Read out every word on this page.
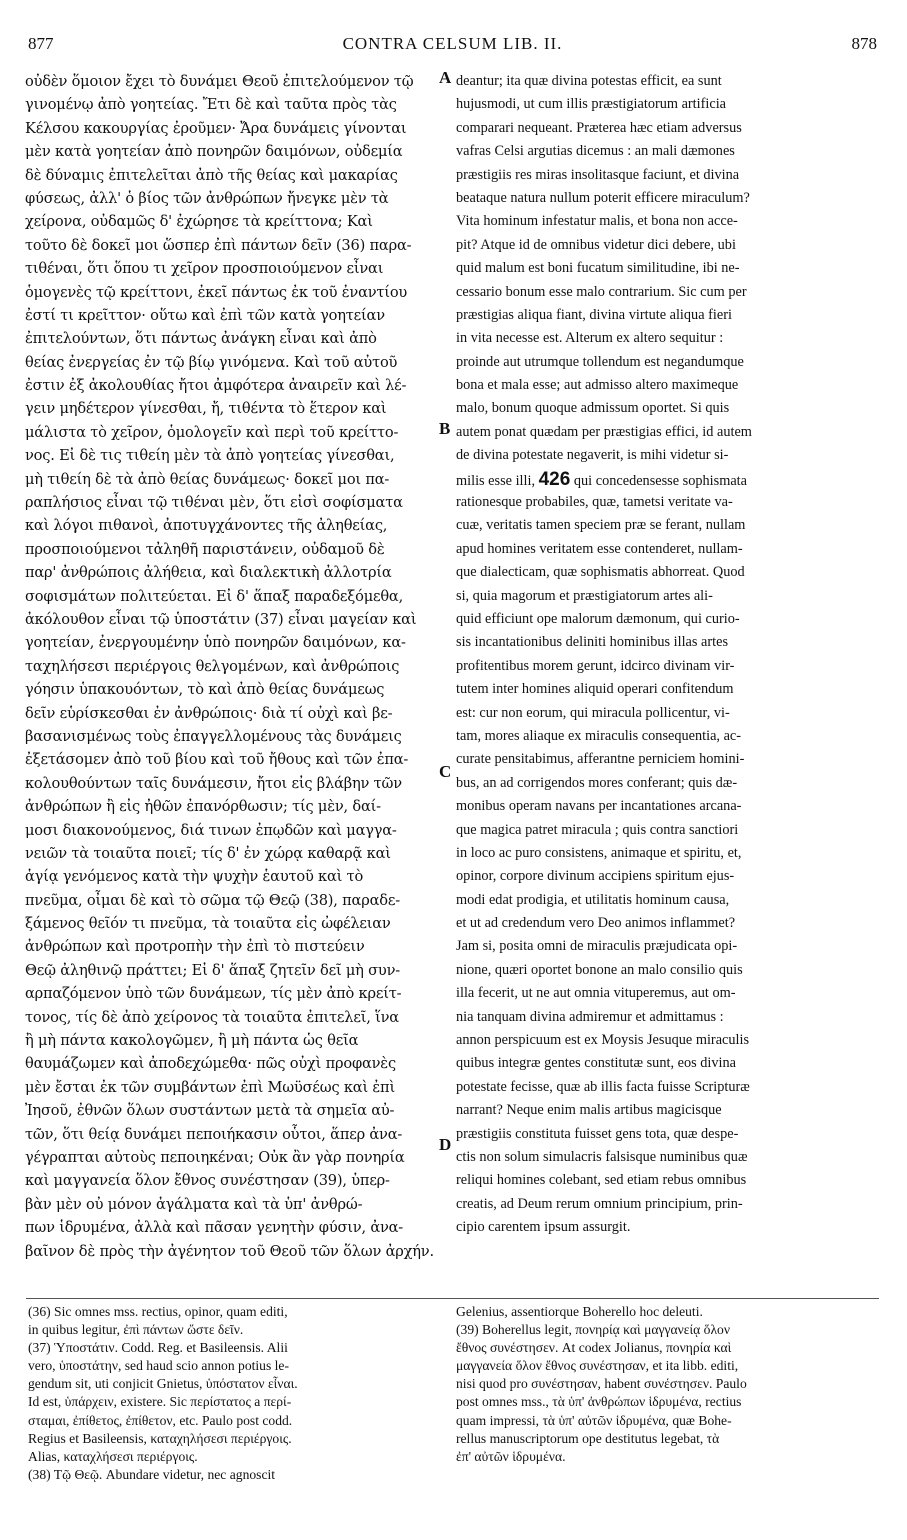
877	CONTRA CELSUM LIB. II.	878
οὐδὲν ὅμοιον ἔχει τὸ δυνάμει Θεοῦ ἐπιτελούμενον τῷ
γινομένῳ ἀπὸ γοητείας. Ἔτι δὲ καὶ ταῦτα πρὸς τὰς
Κέλσου κακουργίας ἐροῦμεν· Ἄρα δυνάμεις γίνονται
μὲν κατὰ γοητείαν ἀπὸ πονηρῶν δαιμόνων, οὐδεμία
δὲ δύναμις ἐπιτελεῖται ἀπὸ τῆς θείας καὶ μακαρίας
φύσεως, ἀλλ' ὁ βίος τῶν ἀνθρώπων ἤνεγκε μὲν τὰ
χείρονα, οὐδαμῶς δ' ἐχώρησε τὰ κρείττονα; Καὶ
τοῦτο δὲ δοκεῖ μοι ὥσπερ ἐπὶ πάντων δεῖν (36) παρα-
τιθέναι, ὅτι ὅπου τι χεῖρον προσποιούμενον εἶναι
ὁμογενὲς τῷ κρείττονι, ἐκεῖ πάντως ἐκ τοῦ ἐναντίου
ἐστί τι κρεῖττον· οὕτω καὶ ἐπὶ τῶν κατὰ γοητείαν
ἐπιτελούντων, ὅτι πάντως ἀνάγκη εἶναι καὶ ἀπὸ
θείας ἐνεργείας ἐν τῷ βίῳ γινόμενα. Καὶ τοῦ αὐτοῦ
ἐστιν ἐξ ἀκολουθίας ἤτοι ἀμφότερα ἀναιρεῖν καὶ λέ-
γειν μηδέτερον γίνεσθαι, ἤ, τιθέντα τὸ ἕτερον καὶ
μάλιστα τὸ χεῖρον, ὁμολογεῖν καὶ περὶ τοῦ κρείττο-
νος. Εἰ δὲ τις τιθείη μὲν τὰ ἀπὸ γοητείας γίνεσθαι,
μὴ τιθείη δὲ τὰ ἀπὸ θείας δυνάμεως· δοκεῖ μοι πα-
ραπλήσιος εἶναι τῷ τιθέναι μὲν, ὅτι εἰσὶ σοφίσματα
καὶ λόγοι πιθανοὶ, ἀποτυγχάνοντες τῆς ἀληθείας,
προσποιούμενοι τἀληθῆ παριστάνειν, οὐδαμοῦ δὲ
παρ' ἀνθρώποις ἀλήθεια, καὶ διαλεκτικὴ ἀλλοτρία
σοφισμάτων πολιτεύεται. Εἰ δ' ἅπαξ παραδεξόμεθα,
ἀκόλουθον εἶναι τῷ ὑποστάτιν (37) εἶναι μαγείαν καὶ
γοητείαν, ἐνεργουμένην ὑπὸ πονηρῶν δαιμόνων, κα-
ταχηλήσεσι περιέργοις θελγομένων, καὶ ἀνθρώποις
γόησιν ὑπακουόντων, τὸ καὶ ἀπὸ θείας δυνάμεως
δεῖν εὑρίσκεσθαι ἐν ἀνθρώποις· διὰ τί οὐχὶ καὶ βε-
βασανισμένως τοὺς ἐπαγγελλομένους τὰς δυνάμεις
ἐξετάσομεν ἀπὸ τοῦ βίου καὶ τοῦ ἤθους καὶ τῶν ἐπα-
κολουθούντων ταῖς δυνάμεσιν, ἤτοι εἰς βλάβην τῶν
ἀνθρώπων ἢ εἰς ἠθῶν ἐπανόρθωσιν; τίς μὲν, δαί-
μοσι διακονούμενος, διά τινων ἐπῳδῶν καὶ μαγγα-
νειῶν τὰ τοιαῦτα ποιεῖ; τίς δ' ἐν χώρᾳ καθαρᾷ καὶ
ἁγίᾳ γενόμενος κατὰ τὴν ψυχὴν ἑαυτοῦ καὶ τὸ
πνεῦμα, οἶμαι δὲ καὶ τὸ σῶμα τῷ Θεῷ (38), παραδε-
ξάμενος θεῖόν τι πνεῦμα, τὰ τοιαῦτα εἰς ὠφέλειαν
ἀνθρώπων καὶ προτροπὴν τὴν ἐπὶ τὸ πιστεύειν
Θεῷ ἀληθινῷ πράττει; Εἰ δ' ἅπαξ ζητεῖν δεῖ μὴ συν-
αρπαζόμενον ὑπὸ τῶν δυνάμεων, τίς μὲν ἀπὸ κρείτ-
τονος, τίς δὲ ἀπὸ χείρονος τὰ τοιαῦτα ἐπιτελεῖ, ἵνα
ἢ μὴ πάντα κακολογῶμεν, ἢ μὴ πάντα ὡς θεῖα
θαυμάζωμεν καὶ ἀποδεχώμεθα· πῶς οὐχὶ προφανὲς
μὲν ἔσται ἐκ τῶν συμβάντων ἐπὶ Μωϋσέως καὶ ἐπὶ
Ἰησοῦ, ἐθνῶν ὅλων συστάντων μετὰ τὰ σημεῖα αὐ-
τῶν, ὅτι θείᾳ δυνάμει πεποιήκασιν οὗτοι, ἅπερ ἀνα-
γέγραπται αὐτοὺς πεποιηκέναι; Οὐκ ἂν γὰρ πονηρία
καὶ μαγγανεία ὅλον ἔθνος συνέστησαν (39), ὑπερ-
βὰν μὲν οὐ μόνον ἀγάλματα καὶ τὰ ὑπ' ἀνθρώ-
πων ἱδρυμένα, ἀλλὰ καὶ πᾶσαν γενητὴν φύσιν, ἀνα-
βαῖνον δὲ πρὸς τὴν ἀγένητον τοῦ Θεοῦ τῶν ὅλων ἀρχήν.
deantur; ita quæ divina potestas efficit, ea sunt
hujusmodi, ut cum illis præstigiatorum artificia
comparari nequeant. Præterea hæc etiam adversus
vafras Celsi argutias dicemus : an mali dæmones
præstigiis res miras insolitasque faciunt, et divina
beataque natura nullum poterit efficere miraculum?
Vita hominum infestatur malis, et bona non acce-
pit? Atque id de omnibus videtur dici debere, ubi
quid malum est boni fucatum similitudine, ibi ne-
cessario bonum esse malo contrarium. Sic cum per
præstigias aliqua fiant, divina virtute aliqua fieri
in vita necesse est. Alterum ex altero sequitur :
proinde aut utrumque tollendum est negandumque
bona et mala esse; aut admisso altero maximeque
malo, bonum quoque admissum oportet. Si quis
autem ponat quædam per præstigias effici, id autem
de divina potestate negaverit, is mihi videtur si-
milis esse illi, 426 qui concedensesse sophismata
rationesque probabiles, quæ, tametsi veritate va-
cuæ, veritatis tamen speciem præ se ferant, nullam
apud homines veritatem esse contenderet, nullam-
que dialecticam, quæ sophismatis abhorreat. Quod
si, quia magorum et præstigiatorum artes ali-
quid efficiunt ope malorum dæmonum, qui curio-
sis incantationibus deliniti hominibus illas artes
profitentibus morem gerunt, idcirco divinam vir-
tutem inter homines aliquid operari confitendum
est: cur non eorum, qui miracula pollicentur, vi-
tam, mores aliaque ex miraculis consequentia, ac-
curate pensitabimus, afferantne perniciem homini-
bus, an ad corrigendos mores conferant; quis dæ-
monibus operam navans per incantationes arcana-
que magica patret miracula ; quis contra sanctiori
in loco ac puro consistens, animaque et spiritu, et,
opinor, corpore divinum accipiens spiritum ejus-
modi edat prodigia, et utilitatis hominum causa,
et ut ad credendum vero Deo animos inflammet?
Jam si, posita omni de miraculis præjudicata opi-
nione, quæri oportet bonone an malo consilio quis
illa fecerit, ut ne aut omnia vituperemus, aut om-
nia tanquam divina admiremur et admittamus :
annon perspicuum est ex Moysis Jesuque miraculis
quibus integræ gentes constitutæ sunt, eos divina
potestate fecisse, quæ ab illis facta fuisse Scripturæ
narrant? Neque enim malis artibus magicisque
præstigiis constituta fuisset gens tota, quæ despe-
ctis non solum simulacris falsisque numinibus quæ
reliqui homines colebant, sed etiam rebus omnibus
creatis, ad Deum rerum omnium principium, prin-
cipio carentem ipsum assurgit.
A
B
C
D
(36) Sic omnes mss. rectius, opinor, quam editi,
in quibus legitur, ἐπὶ πάντων ὥστε δεῖν.
(37) Ὑποστάτιν. Codd. Reg. et Basileensis. Alii
vero, ὑποστάτην, sed haud scio annon potius le-
gendum sit, uti conjicit Gnietus, ὑπόστατον εἶναι.
Id est, ὑπάρχειν, existere. Sic περίστατος a περί-
σταμαι, ἐπίθετος, ἐπίθετον, etc. Paulo post codd.
Regius et Basileensis, καταχηλήσεσι περιέργοις.
Alias, καταχλήσεσι περιέργοις.
(38) Τῷ Θεῷ. Abundare videtur, nec agnoscit
Gelenius, assentiorque Boherello hoc deleuti.
(39) Boherellus legit, πονηρίᾳ καὶ μαγγανείᾳ ὅλον
ἔθνος συνέστησεν. At codex Jolianus, πονηρία καὶ
μαγγανεία ὅλον ἔθνος συνέστησαν, et ita libb. editi,
nisi quod pro συνέστησαν, habent συνέστησεν. Paulo
post omnes mss., τὰ ὑπ' ἀνθρώπων ἱδρυμένα, rectius
quam impressi, τὰ ὑπ' αὐτῶν ἱδρυμένα, quæ Bohe-
rellus manuscriptorum ope destitutus legebat, τὰ
ἐπ' αὐτῶν ἱδρυμένα.
